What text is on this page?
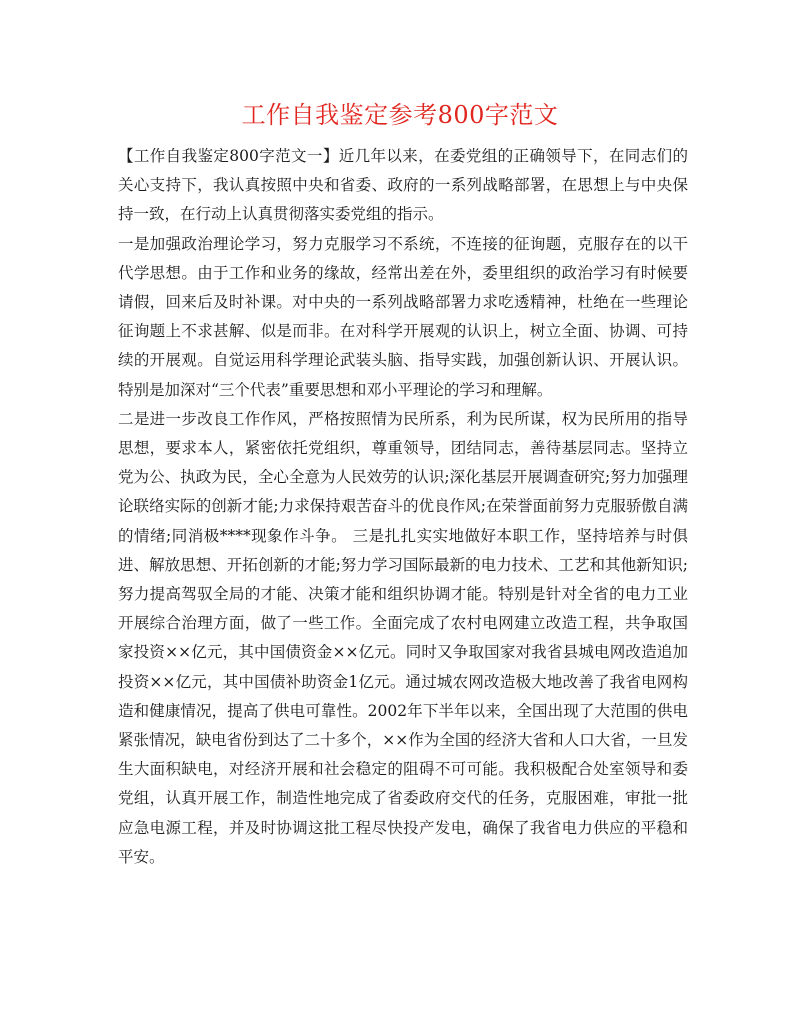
工作自我鉴定参考800字范文

【工作自我鉴定800字范文一】近几年以来，在委党组的正确领导下，在同志们的关心支持下，我认真按照中央和省委、政府的一系列战略部署，在思想上与中央保持一致，在行动上认真贯彻落实委党组的指示。

一是加强政治理论学习，努力克服学习不系统，不连接的征询题，克服存在的以干代学思想。由于工作和业务的缘故，经常出差在外，委里组织的政治学习有时候要请假，回来后及时补课。对中央的一系列战略部署力求吃透精神，杜绝在一些理论征询题上不求甚解、似是而非。在对科学开展观的认识上，树立全面、协调、可持续的开展观。自觉运用科学理论武装头脑、指导实践，加强创新认识、开展认识。特别是加深对“三个代表”重要思想和邓小平理论的学习和理解。

二是进一步改良工作作风，严格按照情为民所系，利为民所谋，权为民所用的指导思想，要求本人，紧密依托党组织，尊重领导，团结同志，善待基层同志。坚持立党为公、执政为民，全心全意为人民效劳的认识;深化基层开展调查研究;努力加强理论联络实际的创新才能;力求保持艰苦奋斗的优良作风;在荣誉面前努力克服骄傲自满的情绪;同消极****现象作斗争。 三是扎扎实实地做好本职工作，坚持培养与时俱进、解放思想、开拓创新的才能;努力学习国际最新的电力技术、工艺和其他新知识;努力提高驾驭全局的才能、决策才能和组织协调才能。特别是针对全省的电力工业开展综合治理方面，做了一些工作。全面完成了农村电网建立改造工程，共争取国家投资××亿元，其中国债资金××亿元。同时又争取国家对我省县城电网改造追加投资××亿元，其中国债补助资金1亿元。通过城农网改造极大地改善了我省电网构造和健康情况，提高了供电可靠性。2002年下半年以来，全国出现了大范围的供电紧张情况，缺电省份到达了二十多个，××作为全国的经济大省和人口大省，一旦发生大面积缺电，对经济开展和社会稳定的阻碍不可可能。我积极配合处室领导和委党组，认真开展工作，制造性地完成了省委政府交代的任务，克服困难，审批一批应急电源工程，并及时协调这批工程尽快投产发电，确保了我省电力供应的平稳和平安。
